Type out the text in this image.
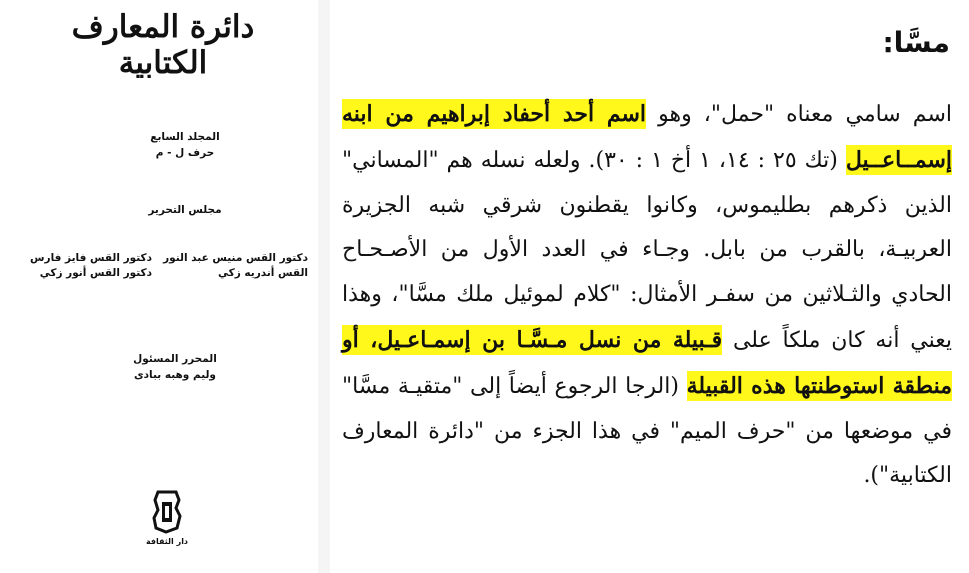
دائرة المعارف الكتابية
المجلد السابع
حرف ل - م
مجلس التحرير
دكتور القس منيس عبد النور
القس أندريه زكي
دكتور القس فايز فارس
دكتور القس أنور زكي
المحرر المسئول
وليم وهبه ببادى
دار الثقافة
مسَّا:
اسم سامي معناه "حمل"، وهو اسم أحد أحفاد إبراهيم من ابنه إسمــاعــيل (تك ٢٥ : ١٤، ١ أخ ١ : ٣٠). ولعله نسله هم "المساني" الذين ذكرهم بطليموس، وكانوا يقطنون شرقي شبه الجزيرة العربيـة، بالقرب من بابل. وجـاء في العدد الأول من الأصـحـاح الحادي والثـلاثين من سفـر الأمثال: "كلام لموئيل ملك مسَّا"، وهذا يعني أنه كان ملكاً على قـبيلة من نسل مـسَّـا بن إسمـاعـيل، أو منطقة استوطنتها هذه القبيلة (الرجا الرجوع أيضاً إلى "متقيـة مسَّا" في موضعها من "حرف الميم" في هذا الجزء من "دائرة المعارف الكتابية").
